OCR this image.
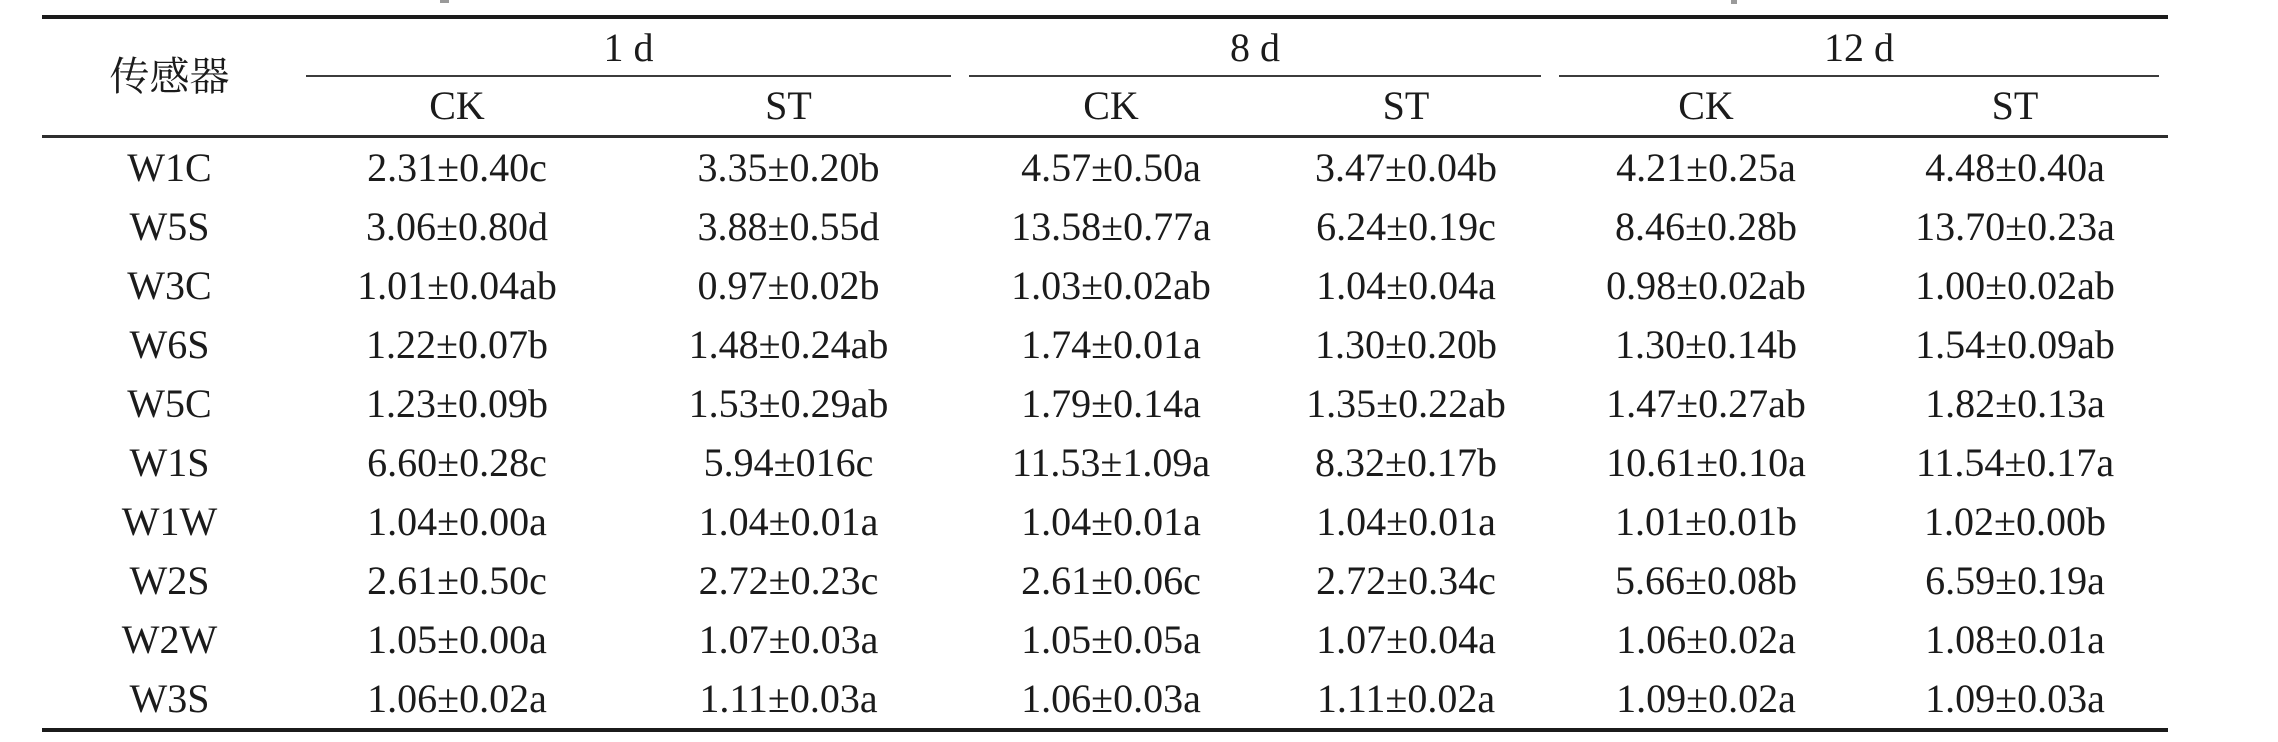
传感器	1 d		8 d		12 d	

	CK	ST	CK	ST	CK	ST
W1C	2.31±0.40c	3.35±0.20b	4.57±0.50a	3.47±0.04b	4.21±0.25a	4.48±0.40a
W5S	3.06±0.80d	3.88±0.55d	13.58±0.77a	6.24±0.19c	8.46±0.28b	13.70±0.23a
W3C	1.01±0.04ab	0.97±0.02b	1.03±0.02ab	1.04±0.04a	0.98±0.02ab	1.00±0.02ab
W6S	1.22±0.07b	1.48±0.24ab	1.74±0.01a	1.30±0.20b	1.30±0.14b	1.54±0.09ab
W5C	1.23±0.09b	1.53±0.29ab	1.79±0.14a	1.35±0.22ab	1.47±0.27ab	1.82±0.13a
W1S	6.60±0.28c	5.94±016c	11.53±1.09a	8.32±0.17b	10.61±0.10a	11.54±0.17a
W1W	1.04±0.00a	1.04±0.01a	1.04±0.01a	1.04±0.01a	1.01±0.01b	1.02±0.00b
W2S	2.61±0.50c	2.72±0.23c	2.61±0.06c	2.72±0.34c	5.66±0.08b	6.59±0.19a
W2W	1.05±0.00a	1.07±0.03a	1.05±0.05a	1.07±0.04a	1.06±0.02a	1.08±0.01a
W3S	1.06±0.02a	1.11±0.03a	1.06±0.03a	1.11±0.02a	1.09±0.02a	1.09±0.03a
